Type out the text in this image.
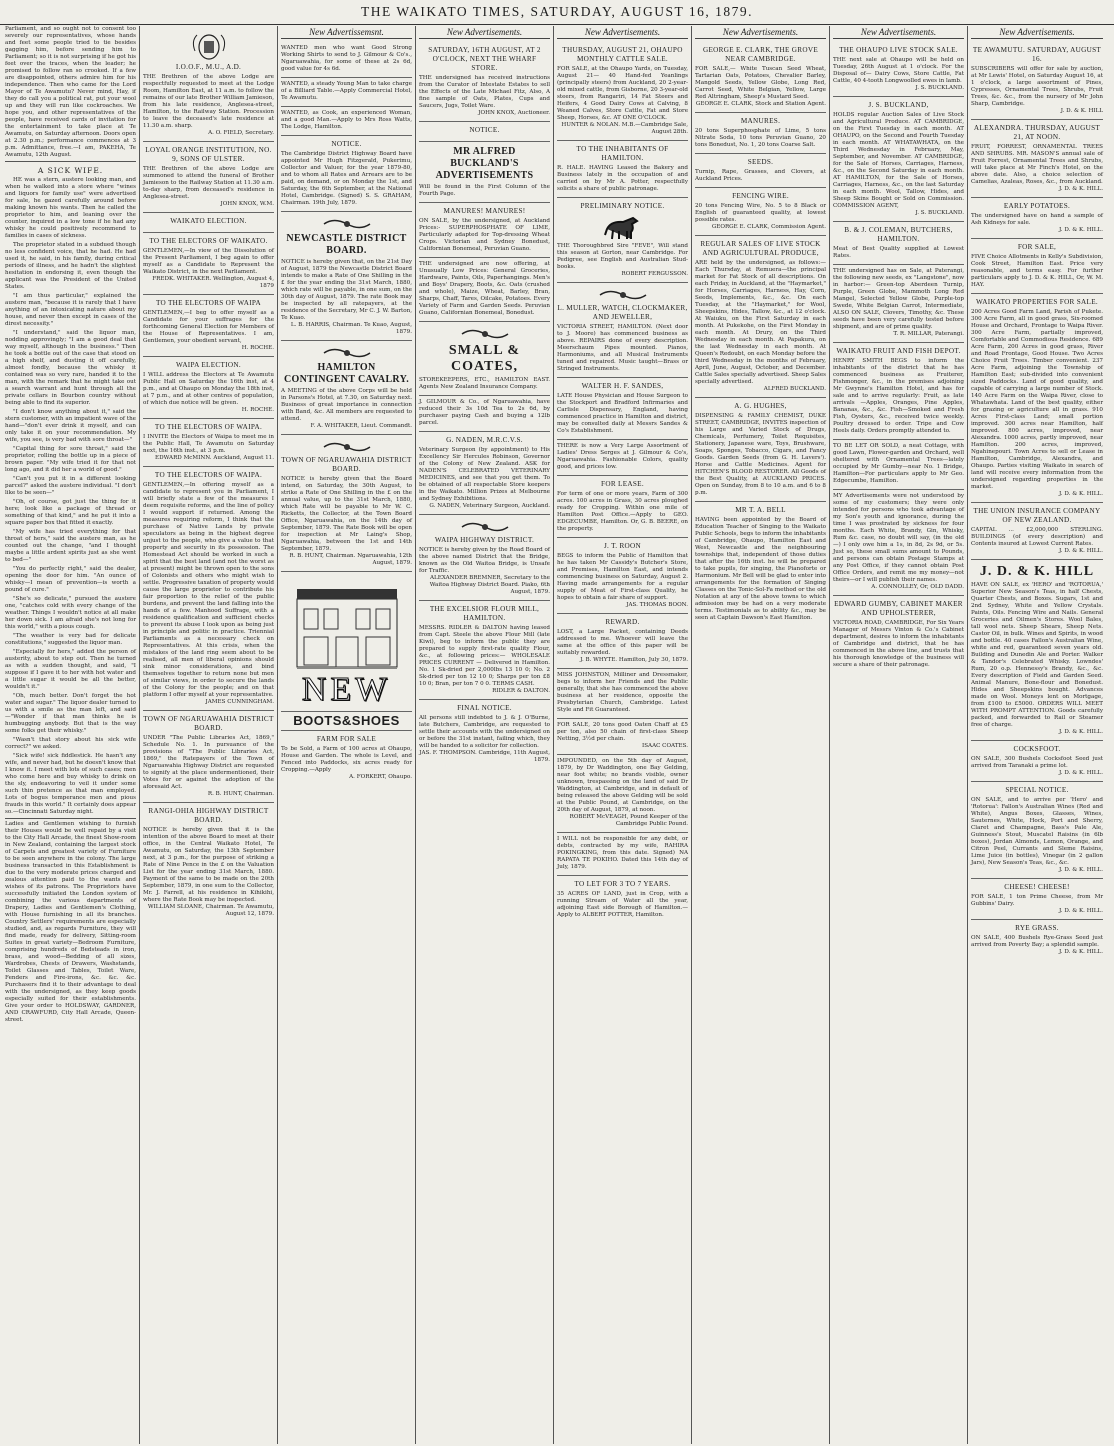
THE WAIKATO TIMES, SATURDAY, AUGUST 16, 1879.
Parliament, and so ought not to consent too severely our representatives, whose hands and feet some people tried to tie besides gagging him, before sending him to Parliament; so it is not surprising if he got his feet over the traces, when the leader; he promised to follow ran so crooked. If a few are disappointed, others admire him for his independence. Then who came for the Lord Mayor of Te Awamutu? Never mind, Hay, if they do call you a political rat, put your wool up and they will run like cockroaches. We hope you, and other representatives of the people, have received cards of invitation for the entertainment to take place at Te Awamutu, on Saturday afternoon. Doors open at 2.30 p.m.; performance commences at 3 p.m. Admittance, free.—I am, PAKEHA, Te Awamutu, 12th August.
A SICK WIFE.

HE was a stern, austere looking man, and when he walked into a store where "wines and liquors for family use" were advertised for sale, he gazed carefully around before making known his wants. Then he called the proprietor to him, and leaning over the counter, inquired in a low tone if he had any whisky he could positively recommend to families in cases of sickness.

The proprietor stated in a subdued though no less confident voice, that he had. He had used it, he said, in his family, during critical periods of illness, and he hadn't the slightest hesitation in endorsing it, even though the applicant was the President of the United States.

"I am thus particular," explained the austere man, "because it is rarely that I have anything of an intoxicating nature about my house, and never then except in cases of the direst necessity."

"I understand," said the liquor man, nodding approvingly; "I am a good deal that way myself, although in the business." Then he took a bottle out of the case that stood on a high shelf, and dusting it off carefully, almost fondly, because the whisky it contained was so very rare, handed it to the man, with the remark that he might take out a search warrant and hunt through all the private cellars in Bourbon country without being able to find its superior.

"I don't know anything about it," said the stern customer, with an impatient wave of the hand—"don't ever drink it myself, and can only take it on your recommendation. My wife, you see, is very bad with sore throat—"

"Capital thing for sore throat," said the proprietor, rolling the bottle up in a piece of brown paper. "My wife tried it for that not long ago, and it did her a world of good."

"Can't you put it in a different looking parcel?" asked the austere individual. "I don't like to be seen—"

"Oh, of course, got just the thing for it here; look like a package of thread or something of that kind," and he put it into a square paper box that fitted it exactly.

"My wife has tried everything for that throat of hers," said the austere man, as he counted out the change, "and I thought maybe a little ardent spirits just as she went to bed—"

"You do perfectly right," said the dealer, opening the door for him. "An ounce of whisky—I mean of prevention—is worth a pound of cure."

"She's so delicate," pursued the austere one, "catches cold with every change of the weather. Things I wouldn't notice at all make her down sick. I am afraid she's not long for this world," with a pious cough.

"The weather is very bad for delicate constitutions," suggested the liquor man.

"Especially for hers," added the person of austerity, about to step out. Then he turned as with a sudden thought, and said, "I suppose if I gave it to her with hot water and a little sugar it would be all the better, wouldn't it."

"Oh, much better. Don't forget the hot water and sugar." The liquor dealer turned to us with a smile as the man left, and said—"Wonder if that man thinks he is humbugging anybody. But that is the way some folks get their whisky."

"Wasn't that story about his sick wife correct?" we asked.

"Sick wife! sick fiddlestick. He hasn't any wife, and never had, but he doesn't know that I know it. I meet with lots of such cases; men who come here and buy whisky to drink on the sly, endeavoring to veil it under some such thin pretence as that man employed. Lots of bogus temperance men and pious frauds in this world." It certainly does appear so.—Cincinnati Saturday night.

Ladies and Gentlemen wishing to furnish their Houses would be well repaid by a visit to the City Hall Arcade, the finest Show-room in New Zealand, containing the largest stock of Carpets and greatest variety of Furniture to be seen anywhere in the colony. The large business transacted in this Establishment is due to the very moderate prices charged and zealous attention paid to the wants and wishes of its patrons. The Proprietors have successfully initiated the London system of combining the various departments of Drapery, Ladies and Gentlemen's Clothing, with House furnishing in all its branches. Country Settlers' requirements are especially studied, and, as regards Furniture, they will find made, ready for delivery, Sitting-room Suites in great variety—Bedroom Furniture, comprising hundreds of Bedsteads in iron, brass, and wood—Bedding of all sizes, Wardrobes, Chests of Drawers, Washstands, Toilet Glasses and Tables, Toilet Ware, Fenders and Fire-irons, &c. &c. &c. Purchasers find it to their advantage to deal with the undersigned, as they keep goods especially suited for their establishments. Give your order to HOLDSWAY, GARDNER, AND CRAWFURD, City Hall Arcade, Queen-street.
I.O.O.F., M.U., A.D.
THE Brethren of the above Lodge are respectfully requested to meet at the Lodge Room, Hamilton East, at 11 a.m. to follow the remains of our late Brother William Jamieson, from his late residence, Anglesea-street, Hamilton, to the Railway Station. Procession to leave the deceased's late residence at 11.30 a.m. sharp.
A. O. FIELD, Secretary.
LOYAL ORANGE INSTITUTION, NO. 9, SONS OF ULSTER.
THE Brethren of the above Lodge are summoned to attend the funeral of Brother Jamieson to the Railway Station at 11.30 a.m. to-day sharp, from deceased's residence in Anglesea-street.
JOHN KNOX, W.M.
WAIKATO ELECTION.
TO THE ELECTORS OF WAIKATO.
GENTLEMEN,—In view of the Dissolution of the Present Parliament, I beg again to offer myself as a Candidate to Represent the Waikato District, in the next Parliament.
FREDK. WHITAKER. Wellington, August 4, 1879
TO THE ELECTORS OF WAIPA
GENTLEMEN,—I beg to offer myself as a Candidate for your suffrages for the forthcoming General Election for Members of the House of Representatives. I am, Gentlemen, your obedient servant,
H. ROCHE.
WAIPA ELECTION.
I WILL address the Electors at Te Awamutu Public Hall on Saturday the 16th inst, at 4 p.m., and at Ohaupo on Monday the 18th inst, at 7 p.m., and at other centres of population, of which due notice will be given.
H. ROCHE.
TO THE ELECTORS OF WAIPA.
I INVITE the Electors of Waipa to meet me in the Public Hall, Te Awamutu on Saturday next, the 16th inst., at 3 p.m.
EDWARD McMINN. Auckland, August 11.
TO THE ELECTORS OF WAIPA.
GENTLEMEN,—In offering myself as a candidate to represent you in Parliament, I will briefly state a few of the measures I deem requisite reforms, and the line of policy I would support if returned. Among the measures requiring reform, I think that the purchase of Native Lands by private speculators as being in the highest degree unjust to the people, who give a value to that property and security in its possession. The Homestead Act should be worked in such a spirit that the best land (and not the worst as at present) might be thrown open to the sons of Colonists and others who might wish to settle. Progressive taxation of property would cause the large proprietor to contribute his fair proportion to the relief of the public burdens, and prevent the land falling into the hands of a few. Manhood Suffrage, with a residence qualification and sufficient checks to prevent its abuse I look upon as being just in principle and politic in practice. Triennial Parliaments as a necessary check on Representatives. At this crisis, when the mistakes of the land ring seem about to be realised, all men of liberal opinions should sink minor considerations, and bind themselves together to return none but men of similar views, in order to secure the lands of the Colony for the people; and on that platform I offer myself at your representative.
JAMES CUNNINGHAM.
TOWN OF NGARUAWAHIA DISTRICT BOARD.
UNDER "The Public Libraries Act, 1869," Schedule No. 1. In pursuance of the provisions of "The Public Libraries Act, 1869," the Ratepayers of the Town of Ngaruawahia Highway District are requested to signify at the place undermentioned, their Votes for or against the adoption of the aforesaid Act.
R. B. HUNT, Chairman.
RANGI-OHIA HIGHWAY DISTRICT BOARD.
NOTICE is hereby given that it is the intention of the above Board to meet at their office, in the Central Waikato Hotel, Te Awamutu, on Saturday, the 13th September next, at 3 p.m., for the purpose of striking a Rate of Nine Pence in the £ on the Valuation List for the year ending 31st March, 1880. Payment of the same to be made on the 20th September, 1879, in one sum to the Collector, Mr. J. Farrell, at his residence in Kihikihi, where the Rate Book may be inspected.
WILLIAM SLOANE, Chairman. Te Awamutu, August 12, 1879.
New Advertissemsnt.
WANTED men who want Good Strong Working Shirts to send to J. Gilmour & Co's., Ngaruawahia, for some of these at 2s 6d, good value for 4s 6d.
WANTED, a steady Young Man to take charge of a Billiard Table.—Apply Commercial Hotel, Te Awamutu.
WANTED, as Cook, an experienced Woman, and a good Man.—Apply to Mrs Ross Watts, The Lodge, Hamilton.
NOTICE.
The Cambridge District Highway Board have appointed Mr Hugh Fitzgerald, Pukerimu, Collector and Valuer, for the year 1879-80, and to whom all Rates and Arrears are to be paid, on demand, or on Monday the 1st, and Saturday, the 6th September, at the National Hotel, Cambridge. (Signed) S. S. GRAHAM, Chairman. 19th July, 1879.
NEWCASTLE DISTRICT BOARD.
NOTICE is hereby given that, on the 21st Day of August, 1879 the Newcastle District Board intends to make a Rate of One Shilling in the £ for the year ending the 31st March, 1880, which rate will be payable, in one sum, on the 30th day of August, 1879. The rate Book may be inspected by all ratepayers, at the residence of the Secretary, Mr C. J. W. Barton, Te Kuao.
L. B. HARRIS, Chairman. Te Kuao, August, 1879.
HAMILTON CONTINGENT CAVALRY.
A MEETING of the above Corps will be held in Parsons's Hotel, at 7.30, on Saturday next. Business of great importance in connection with Band, &c. All members are requested to attend.
F. A. WHITAKER, Lieut. Commandt.
TOWN OF NGARUAWAHIA DISTRICT BOARD.
NOTICE is hereby given that the Board intend, on Saturday, the 30th August, to strike a Rate of One Shilling in the £ on the annual value, up to the 31st March, 1880, which Rate will be payable to Mr W. C. Ricketts, the Collector, at the Town Board Office, Ngaruawahia, on the 14th day of September, 1879. The Rate Book will be open for inspection at Mr Laing's Shop, Ngaruawahia, between the 1st and 14th September, 1879.
R. B. HUNT, Chairman. Ngaruawahia, 12th August, 1879.
NEW
BOOTS&SHOES
FARM FOR SALE
To be Sold, a Farm of 100 acres at Ohaupo, House and Garden. The whole is Level, and Fenced into Paddocks, six acres ready for Cropping.—Apply
A. FORKERT, Ohaupo.
New Advertisements.
SATURDAY, 16TH AUGUST, AT 2 O'CLOCK, NEXT THE WHARF STORE.
THE undersigned has received instructions from the Curator of Intestate Estates to sell the Effects of the Late Michael Fitz, Also, A fine sample of Oats, Plates, Cups and Saucers, Jugs, Toilet Ware.
JOHN KNOX, Auctioneer.
NOTICE.
MR ALFRED BUCKLAND'S ADVERTISEMENTS
Will be found in the First Column of the Fourth Page.
MANURES! MANURES!
ON SALE, by the undersigned, at Auckland Prices:- SUPERPHOSPHATE OF LIME, Particularly adapted for Top-dressing Wheat Crops. Victorian and Sydney Bonedust, Californian Bonemeal, Peruvian Guano.
THE undersigned are now offering, at Unusually Low Prices: General Groceries, Hardware, Paints, Oils, Paperhangings. Men's and Boys' Drapery, Boots, &c. Oats (crushed and whole), Maize, Wheat, Barley, Bran, Sharps, Chaff, Tares, Oilcake, Potatoes. Every Variety of Farm and Garden Seeds. Peruvian Guano, Californian Bonemeal, Bonedust.
SMALL & COATES,
STOREKEEPERS, ETC., HAMILTON EAST. Agents New Zealand Insurance Company.
J. GILMOUR & Co., of Ngaruawahia, have reduced their 3s 10d Tea to 2s 6d, by purchaser paying Cash and buying a 12lb parcel.
G. NADEN, M.R.C.V.S.
Veterinary Surgeon (by appointment) to His Excellency Sir Hercules Robinson, Governor of the Colony of New Zealand. ASK for NADEN'S CELEBRATED VETERINARY MEDICINES, and see that you get them. To be obtained of all respectable Store keepers in the Waikato. Million Prizes at Melbourne and Sydney Exhibitions.
G. NADEN, Veterinary Surgeon, Auckland.
WAIPA HIGHWAY DISTRICT.
NOTICE is hereby given by the Road Board of the above named District that the Bridge, known as the Old Waitoa Bridge, is Unsafe for Traffic.
ALEXANDER BREMNER, Secretary to the Waitoa Highway District Board. Piako, 6th August, 1879.
THE EXCELSIOR FLOUR MILL, HAMILTON.
MESSRS. RIDLER & DALTON having leased from Capt. Steele the above Flour Mill (late Kiwi), beg to inform the public they are prepared to supply first-rate quality Flour, &c., at following prices:— WHOLESALE PRICES CURRENT — Delivered in Hamilton. No. 1 Sk-dried per 2,000lbs 13 10 0; No. 2 Sk-dried per ton 12 10 0; Sharps per ton £8 10 0; Bran, per ton 7 0 0. TERMS CASH.
RIDLER & DALTON.
FINAL NOTICE.
All persons still indebted to J. & J. O'Burne, late Butchers, Cambridge, are requested to settle their accounts with the undersigned on or before the 31st instant, failing which, they will be handed to a solicitor for collection.
JAS. F. THOMPSON. Cambridge, 11th August, 1879.
New Advertisements.
THURSDAY, AUGUST 21, OHAUPO MONTHLY CATTLE SALE.
FOR SALE, at the Ohaupo Yards, on Tuesday, August 21— 40 Hand-fed Yeanlings (principally steers) from Auckland, 20 2-year-old mixed cattle, from Gisborne, 20 3-year-old steers, from Rangariri, 14 Fat Steers and Heifers, 4 Good Dairy Cows at Calving, 8 Weaned Calves, Store Cattle, Fat and Store Sheep, Horses, &c. AT ONE O'CLOCK.
HUNTER & NOLAN. M.B.—Cambridge Sale, August 28th.
TO THE INHABITANTS OF HAMILTON.
R. HALE. HAVING Leased the Bakery and Business lately in the occupation of and carried on by Mr A. Potter, respectfully solicits a share of public patronage.
PRELIMINARY NOTICE.
THE Thoroughbred Sire "FEVE", Will stand this season at Gorton, near Cambridge. For Pedigree, see English and Australian Stud-books.
ROBERT FERGUSSON.
L. MULLER, WATCH, CLOCKMAKER, AND JEWELLER,
VICTORIA STREET, HAMILTON. (Next door to J. Moore) has commenced business as above. REPAIRS done of every description. Meerschaum Pipes mounted. Pianos, Harmoniums, and all Musical Instruments tuned and repaired. Music taught—Brass or Stringed Instruments.
WALTER H. F. SANDES,
LATE House Physician and House Surgeon to the Stockport and Bradford Infirmaries and Carlisle Dispensary, England, having commenced practice in Hamilton and district, may be consulted daily at Messrs Sandes & Co's Establishment.
THERE is now a Very Large Assortment of Ladies' Dress Serges at J. Gilmour & Co's, Ngaruawahia. Fashionable Colors, quality good, and prices low.
FOR LEASE.
For term of one or more years, Farm of 300 acres. 100 acres in Grass, 30 acres ploughed ready for Cropping. Within one mile of Hamilton Post Office.—Apply to GEO. EDGECUMBE, Hamilton. Or, G. B. BEERE, on the property.
J. T. ROON
BEGS to inform the Public of Hamilton that he has taken Mr Cassidy's Butcher's Store, and Premises, Hamilton East, and intends commencing business on Saturday, August 2. Having made arrangements for a regular supply of Meat of First-class Quality, he hopes to obtain a fair share of support.
JAS. THOMAS BOON.
REWARD.
LOST, a Large Packet, containing Deeds addressed to me. Whoever will leave the same at the office of this paper will be suitably rewarded.
J. B. WHYTE. Hamilton, July 30, 1879.
MISS JOHNSTON, Milliner and Dressmaker, begs to inform her Friends and the Public generally, that she has commenced the above business at her residence, opposite the Presbyterian Church, Cambridge. Latest Style and Fit Guaranteed.
FOR SALE, 20 tons good Oaten Chaff at £5 per ton, also 50 chain of first-class Sheep Netting, 3½d per chain.
ISAAC COATES.
IMPOUNDED, on the 5th day of August, 1879, by Dr Waddington, one Bay Gelding, near foot white; no brands visible, owner unknown, trespassing on the land of said Dr Waddington, at Cambridge, and in default of being released the above Gelding will be sold at the Public Pound, at Cambridge, on the 20th day of August, 1879, at noon.
ROBERT McVEAGH, Pound Keeper of the Cambridge Public Pound.
I WILL not be responsible for any debt, or debts, contracted by my wife, RAHIRA POKINGKING, from this date. Signed) NA RAPATA TE POKIHO. Dated this 14th day of July, 1879.
TO LET FOR 3 TO 7 YEARS.
35 ACRES OF LAND, just in Crop, with a running Stream of Water all the year, adjoining East side Borough of Hamilton.—Apply to ALBERT POTTER, Hamilton.
New Advertisements.
GEORGE E. CLARK, THE GROVE NEAR CAMBRIDGE.
FOR SALE,— White Tuscan Seed Wheat, Tartarian Oats, Potatoes, Chevalier Barley, Mangold Seeds, Yellow Globe, Long Red, Carrot Seed, White Belgian, Yellow, Large Red Altringham, Sheep's Mustard Seed.
GEORGE E. CLARK, Stock and Station Agent.
MANURES.
20 tons Superphosphate of Lime, 5 tons Nitrate Soda, 10 tons Peruvian Guano, 20 tons Bonedust, No. 1, 20 tons Coarse Salt.
SEEDS.
Turnip, Rape, Grasses, and Clovers, at Auckland Prices.
FENCING WIRE.
20 tons Fencing Wire, No. 5 to 8 Black or English of guaranteed quality, at lowest possible rates.
GEORGE E. CLARK, Commission Agent.
REGULAR SALES OF LIVE STOCK AND AGRICULTURAL PRODUCE,
ARE held by the undersigned, as follows:— Each Thursday, at Remuera—the principal market for Fat Stock of all descriptions. On each Friday, in Auckland, at the "Haymarket," for Horses, Carriages, Harness, Hay, Corn, Seeds, Implements, &c., &c. On each Tuesday, at the "Haymarket," for Wool, Sheepskins, Hides, Tallow, &c., at 12 o'clock. At Waiuku, on the First Saturday in each month. At Pukekohe, on the First Monday in each month. At Drury, on the Third Wednesday in each month. At Papakura, on the last Wednesday in each month. At Queen's Redoubt, on each Monday before the third Wednesday in the months of February, April, June, August, October, and December. Cattle Sales specially advertised. Sheep Sales specially advertised.
ALFRED BUCKLAND.
A. G. HUGHES,
DISPENSING & FAMILY CHEMIST, DUKE STREET, CAMBRIDGE, INVITES inspection of his Large and Varied Stock of Drugs, Chemicals, Perfumery, Toilet Requisites, Stationery, Japanese ware, Toys, Brushware, Soaps, Sponges, Tobacco, Cigars, and Fancy Goods. Garden Seeds (from G. H. Lavers'). Horse and Cattle Medicines. Agent for HITCHEN'S BLOOD RESTORER. All Goods of the Best Quality, at AUCKLAND PRICES. Open on Sunday, from 8 to 10 a.m. and 6 to 8 p.m.
MR T. A. BELL
HAVING been appointed by the Board of Education Teacher of Singing to the Waikato Public Schools, begs to inform the inhabitants of Cambridge, Ohaupo, Hamilton East and West, Newcastle and the neighbouring townships that, independent of those duties that after the 16th inst. he will be prepared to take pupils, for singing, the Pianoforte or Harmonium. Mr Bell will be glad to enter into arrangements for the formation of Singing Classes on the Tonic-Sol-Fa method or the old Notation at any of the above towns to which admission may be had on a very moderate terms. Testimonials as to ability &c., may be seen at Captain Dawson's East Hamilton.
New Advertisements.
THE OHAUPO LIVE STOCK SALE.
THE next sale at Ohaupo will be held on Tuesday, 26th August at 1 o'clock. For the Disposal of— Dairy Cows, Store Cattle, Fat Cattle, 40 4-tooth Longwoolled ewes in lamb.
J. S. BUCKLAND.
J. S. BUCKLAND,
HOLDS regular Auction Sales of Live Stock and Agricultural Produce. AT CAMBRIDGE, on the First Tuesday in each month. AT OHAUPO, on the Second and Fourth Tuesday in each month. AT WHATAWHATA, on the Third Wednesday in February, May, September, and November. AT CAMBRIDGE, for the Sale of Horses, Carriages, Harness, &c., on the Second Saturday in each month. AT HAMILTON, for the Sale of Horses, Carriages, Harness, &c., on the last Saturday in each month. Wool, Tallow, Hides, and Sheep Skins Bought or Sold on Commission. COMMISSION AGENT,
J. S. BUCKLAND.
B. & J. COLEMAN, BUTCHERS, HAMILTON.
Meat of Best Quality supplied at Lowest Rates.
THE undersigned has on Sale, at Paterangi, the following new seeds, ex "Langstone", now in harbor:— Green-top Aberdeen Turnip, Purple, Green Globe, Mammoth Long Red Mangel, Selected Yellow Globe, Purple-top Swede, White Belgian Carrot, Intermediate, ALSO ON SALE, Clovers, Timothy, &c. These seeds have been very carefully tested before shipment, and are of prime quality.
T. R. MILLAR, Paterangi.
WAIKATO FRUIT AND FISH DEPOT.
HENRY SMITH BEGS to inform the inhabitants of the district that he has commenced business as Fruiterer, Fishmonger, &c., in the premises adjoining Mr Gwynne's Hamilton Hotel, and has for sale and to arrive regularly: Fruit, as late arrivals —Apples, Oranges, Pine Apples, Bananas, &c., &c. Fish—Smoked and Fresh Fish, Oysters, &c., received twice weekly. Poultry dressed to order. Tripe and Cow Heels daily. Orders promptly attended to.
TO BE LET OR SOLD, a neat Cottage, with good Lawn, Flower-garden and Orchard, well sheltered with Ornamental Trees—lately occupied by Mr Gumby—near No. 1 Bridge, Hamilton—For particulars apply to Mr Geo. Edgecumbe, Hamilton.
MY Advertisements were not understood by some of my customers; they were only intended for persons who took advantage of my Son's youth and ignorance, during the time I was prostrated by sickness for four months. Each White, Brandy, Gin, Whisky, Rum &c. case, no doubt will say, (in the old —) I only owe him a 1s, in 8d, 2s 9d, or 5s. Just so, these small sums amount to Pounds, and persons can obtain Postage Stamps at any Post Office, if they cannot obtain Post Office Orders, and remit me my money—not theirs—or I will publish their names.
A. CONNOLLEY, Or, OLD DADD.
EDWARD GUMBY, CABINET MAKER AND UPHOLSTERER,
VICTORIA ROAD, CAMBRIDGE, For Six Years Manager of Messrs Vinton & Co.'s Cabinet department, desires to inform the inhabitants of Cambridge and district, that he has commenced in the above line, and trusts that his thorough knowledge of the business will secure a share of their patronage.
New Advertisements.
TE AWAMUTU. SATURDAY, AUGUST 16.
SUBSCRIBERS will offer for sale by auction, at Mr Lewis' Hotel, on Saturday August 16, at 1 o'clock, a large assortment of Pines, Cypresses, Ornamental Trees, Shrubs, Fruit Trees, &c. &c., from the nursery of Mr John Sharp, Cambridge.
J. D. & K. HILL
ALEXANDRA. THURSDAY, AUGUST 21, AT NOON.
FRUIT, FORREST, ORNAMENTAL TREES AND SHRUBS. MR. MASON'S annual sale of Fruit Forrest, Ornamental Trees and Shrubs, will take place at Mr Finch's Hotel, on the above date. Also, a choice selection of Camelias, Azaleas, Roses, &c., from Auckland.
J. D. & K. HILL.
EARLY POTATOES.
The undersigned have on hand a sample of Ash Kidneys for sale.
J. D. & K. HILL.
FOR SALE,
FIVE Choice Allotments in Kelly's Subdivision, Cook Street, Hamilton East. Price very reasonable, and terms easy. For further particulars apply to J. D. & K. HILL, Or, W. M. HAY.
WAIKATO PROPERTIES FOR SALE.
200 Acres Good Farm Land, Parish of Pukete. 300 Acre Farm, all in good grass, Six-roomed House and Orchard, Frontage to Waipa River. 300 Acre Farm, partially improved, Comfortable and Commodious Residence. 689 Acre Farm, 200 Acres in good grass, River and Road Frontage, Good House. Two Acres Choice Fruit Trees. Timber convenient. 237 Acre Farm, adjoining the Township of Hamilton East; sub-divided into convenient sized Paddocks. Land of good quality, and capable of carrying a large number of Stock. 140 Acre Farm on the Waipa River, close to Whatawhata. Land of the best quality, either for grazing or agriculture all in grass. 910 Acres First-class Land; small portion improved. 300 acres near Hamilton, half improved. 800 acres, improved, near Alexandra. 1000 acres, partly improved, near Hamilton. 200 acres, improved, Ngahinepouri. Town Acres to sell or Lease in Hamilton, Cambridge, Alexandra, and Ohaupo. Parties visiting Waikato in search of land will receive every information from the undersigned regarding properties in the market.
J. D. & K. HILL.
THE UNION INSURANCE COMPANY OF NEW ZEALAND.
CAPITAL ... £2,000,000 STERLING. BUILDINGS (of every description) and Contents insured at Lowest Current Rates.
J. D. & K. HILL.
J. D. & K. HILL
HAVE ON SALE, ex 'HERO' and 'ROTORUA,' Superior New Season's Teas, in half Chests, Quarter Chests, and Boxes. Sugars, 1st and 2nd Sydney, White and Yellow Crystals. Paints, Oils. Fencing Wire and Nails. General Groceries and Oilmen's Stores. Wool Bales, tall wool nets. Sheep Shears, Sheep Nets. Castor Oil, in bulk. Wines and Spirits, in wood and bottle. 40 cases Fallon's Australian Wine, white and red, guaranteed seven years old. Building and Dunedin Ale and Porter. Walker & Tandor's Celebrated Whisky. Lowndes' Rum, 20 o.p. Hennessy's Brandy, &c., &c. Every description of Field and Garden Seed. Animal Manure, Bone-flour and Bonedust. Hides and Sheepskins bought. Advances made on Wool. Moneys lent on Mortgage, from £100 to £5000. ORDERS WILL MEET WITH PROMPT ATTENTION. Goods carefully packed, and forwarded to Rail or Steamer free of charge.
J. D. & K. HILL.
COCKSFOOT.
ON SALE, 300 Bushels Cocksfoot Seed just arrived from Taranaki a prime lot.
J. D. & K. HILL.
SPECIAL NOTICE.
ON SALE, and to arrive per 'Hero' and 'Rotorua': Fallon's Australian Wines (Red and White), Angus Boxes, Glasses, Wines, Sauternes, White, Hock, Port and Sherry, Claret and Champagne, Bass's Pale Ale, Guinness's Stout, Muscatel Raisins (in 6lb boxes), Jordan Almonds, Lemon, Orange, and Citron Peel, Currants and Sleme Raisins, Lime Juice (in bottles), Vinegar (in 2 gallon Jars), New Season's Teas, &c., &c.
J. D. & K. HILL.
CHEESE! CHEESE!
FOR SALE, 1 ton Prime Cheese, from Mr Gubbins' Dairy.
J. D. & K. HILL.
RYE GRASS.
ON SALE, 400 Bushels Rye-Grass Seed just arrived from Poverty Bay; a splendid sample.
J. D. & K. HILL.
